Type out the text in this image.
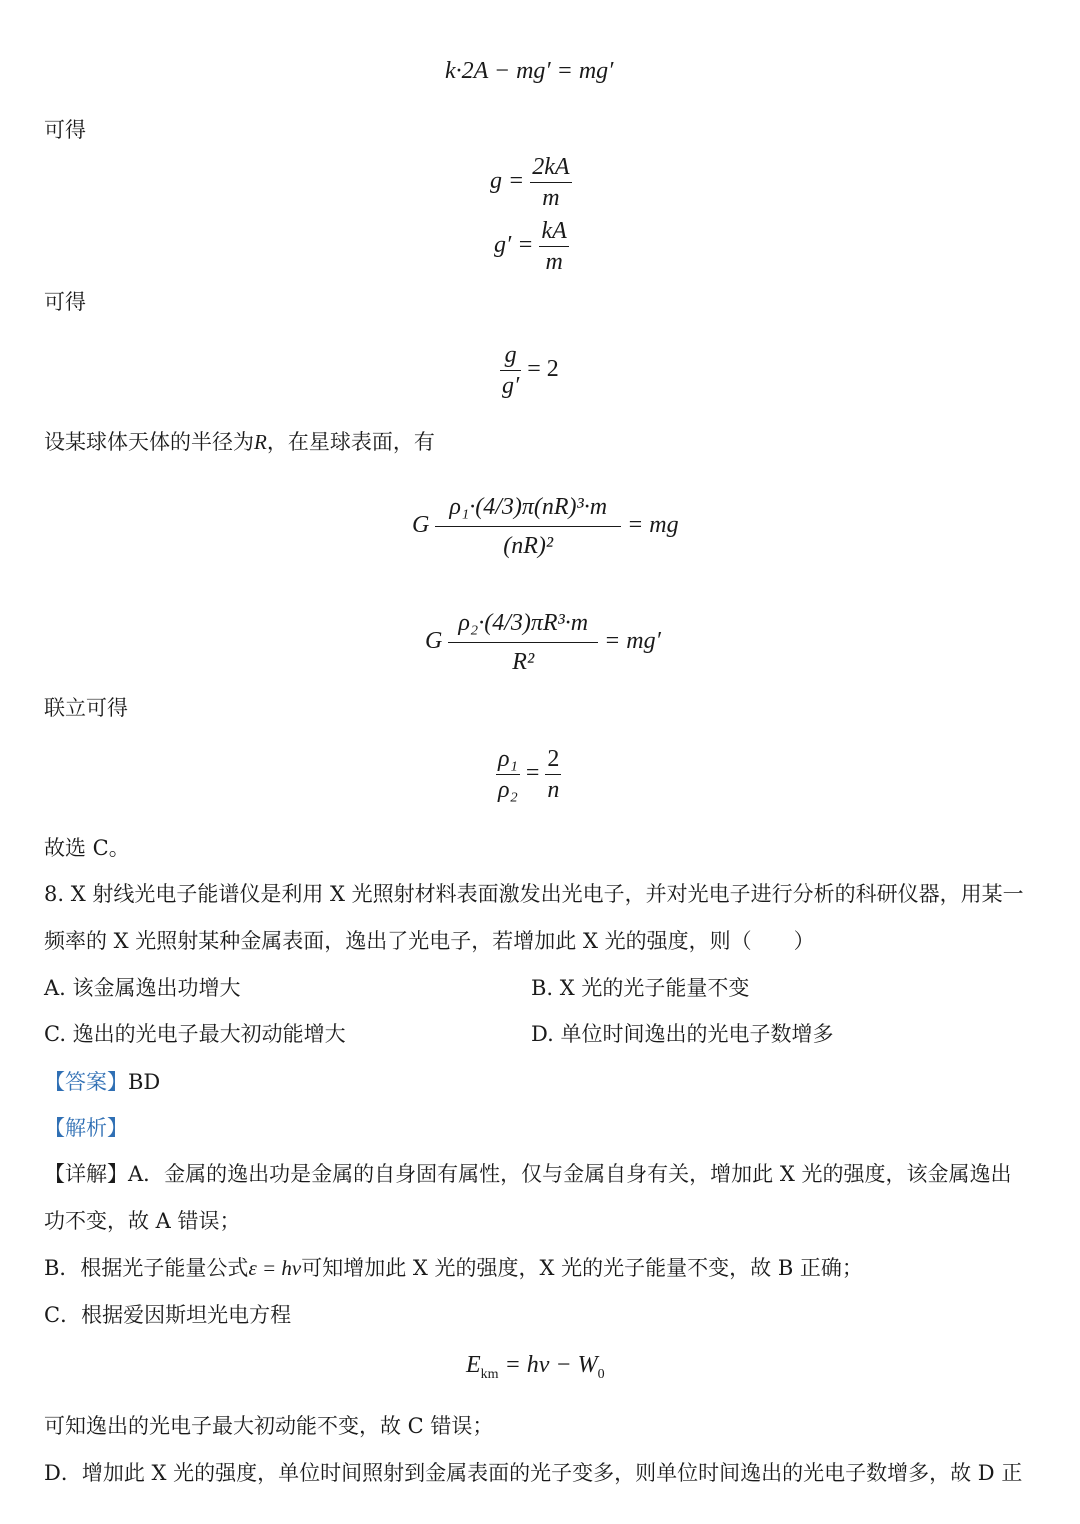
k·2A − mg′ = mg′
可得
$g = \frac{2kA}{m}$
$g' = \frac{kA}{m}$
可得
$\frac{g}{g'} = 2$
设某球体天体的半径为R，在星球表面，有
G $\frac{\text{ρ₁·(4/3)π(nR)³·m}}{\text{(nR)²}}$ = mg
G $\frac{\text{ρ₂·(4/3)πR³·m}}{\text{R²}} = mg'$
联立可得
$\frac{\text{ρ₁}}{\text{ρ₂}} = \frac{2}{n}$
故选 C。
8. X 射线光电子能谱仪是利用 X 光照射材料表面激发出光电子，并对光电子进行分析的科研仪器，用某一
频率的 X 光照射某种金属表面，逸出了光电子，若增加此 X 光的强度，则（　　）
A. 该金属逸出功增大	B. X 光的光子能量不变
C. 逸出的光电子最大初动能增大	D. 单位时间逸出的光电子数增多
【答案】BD
【解析】
【详解】A．金属的逸出功是金属的自身固有属性，仅与金属自身有关，增加此 X 光的强度，该金属逸出
功不变，故 A 错误；
B．根据光子能量公式ε = hν可知增加此 X 光的强度，X 光的光子能量不变，故 B 正确；
C．根据爱因斯坦光电方程
$E_{km} = h\nu - W_0$
可知逸出的光电子最大初动能不变，故 C 错误；
D．增加此 X 光的强度，单位时间照射到金属表面的光子变多，则单位时间逸出的光电子数增多，故 D 正
